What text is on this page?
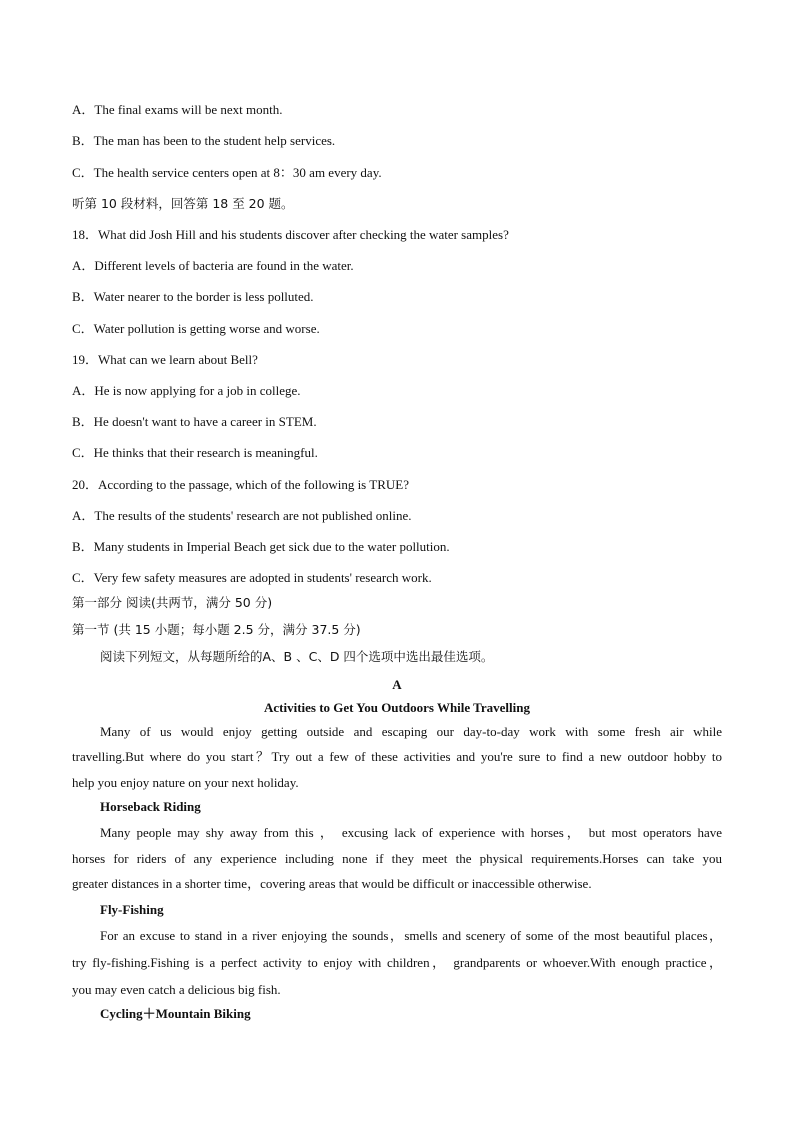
A．The final exams will be next month.

B．The man has been to the student help services.

C．The health service centers open at 8：30 am every day.

听第 10 段材料，回答第 18 至 20 题。

18．What did Josh Hill and his students discover after checking the water samples?

A．Different levels of bacteria are found in the water.

B．Water nearer to the border is less polluted.

C．Water pollution is getting worse and worse.

19．What can we learn about Bell?

A．He is now applying for a job in college.

B．He doesn't want to have a career in STEM.

C．He thinks that their research is meaningful.

20．According to the passage, which of the following is TRUE?

A．The results of the students' research are not published online.

B．Many students in Imperial Beach get sick due to the water pollution.

C．Very few safety measures are adopted in students' research work.

第一部分 阅读(共两节，满分 50 分)

第一节 (共 15 小题；每小题 2.5 分，满分 37.5 分)

阅读下列短文，从每题所给的A、B 、C、D 四个选项中选出最佳选项。

A

Activities to Get You Outdoors While Travelling

Many of us would enjoy getting outside and escaping our day-to-day work with some fresh air while

travelling.But where do you start？Try out a few of these activities and you're sure to find a new outdoor hobby to

help you enjoy nature on your next holiday.

Horseback Riding

Many people may shy away from this ， excusing lack of experience with horses， but most operators have

horses for riders of any experience including none if they meet the physical requirements.Horses can take you

greater distances in a shorter time，covering areas that would be difficult or inaccessible otherwise.

Fly-Fishing

For an excuse to stand in a river enjoying the sounds，smells and scenery of some of the most beautiful places，

try fly-fishing.Fishing is a perfect activity to enjoy with children， grandparents or whoever.With enough practice，

you may even catch a delicious big fish.

Cycling＋Mountain Biking
